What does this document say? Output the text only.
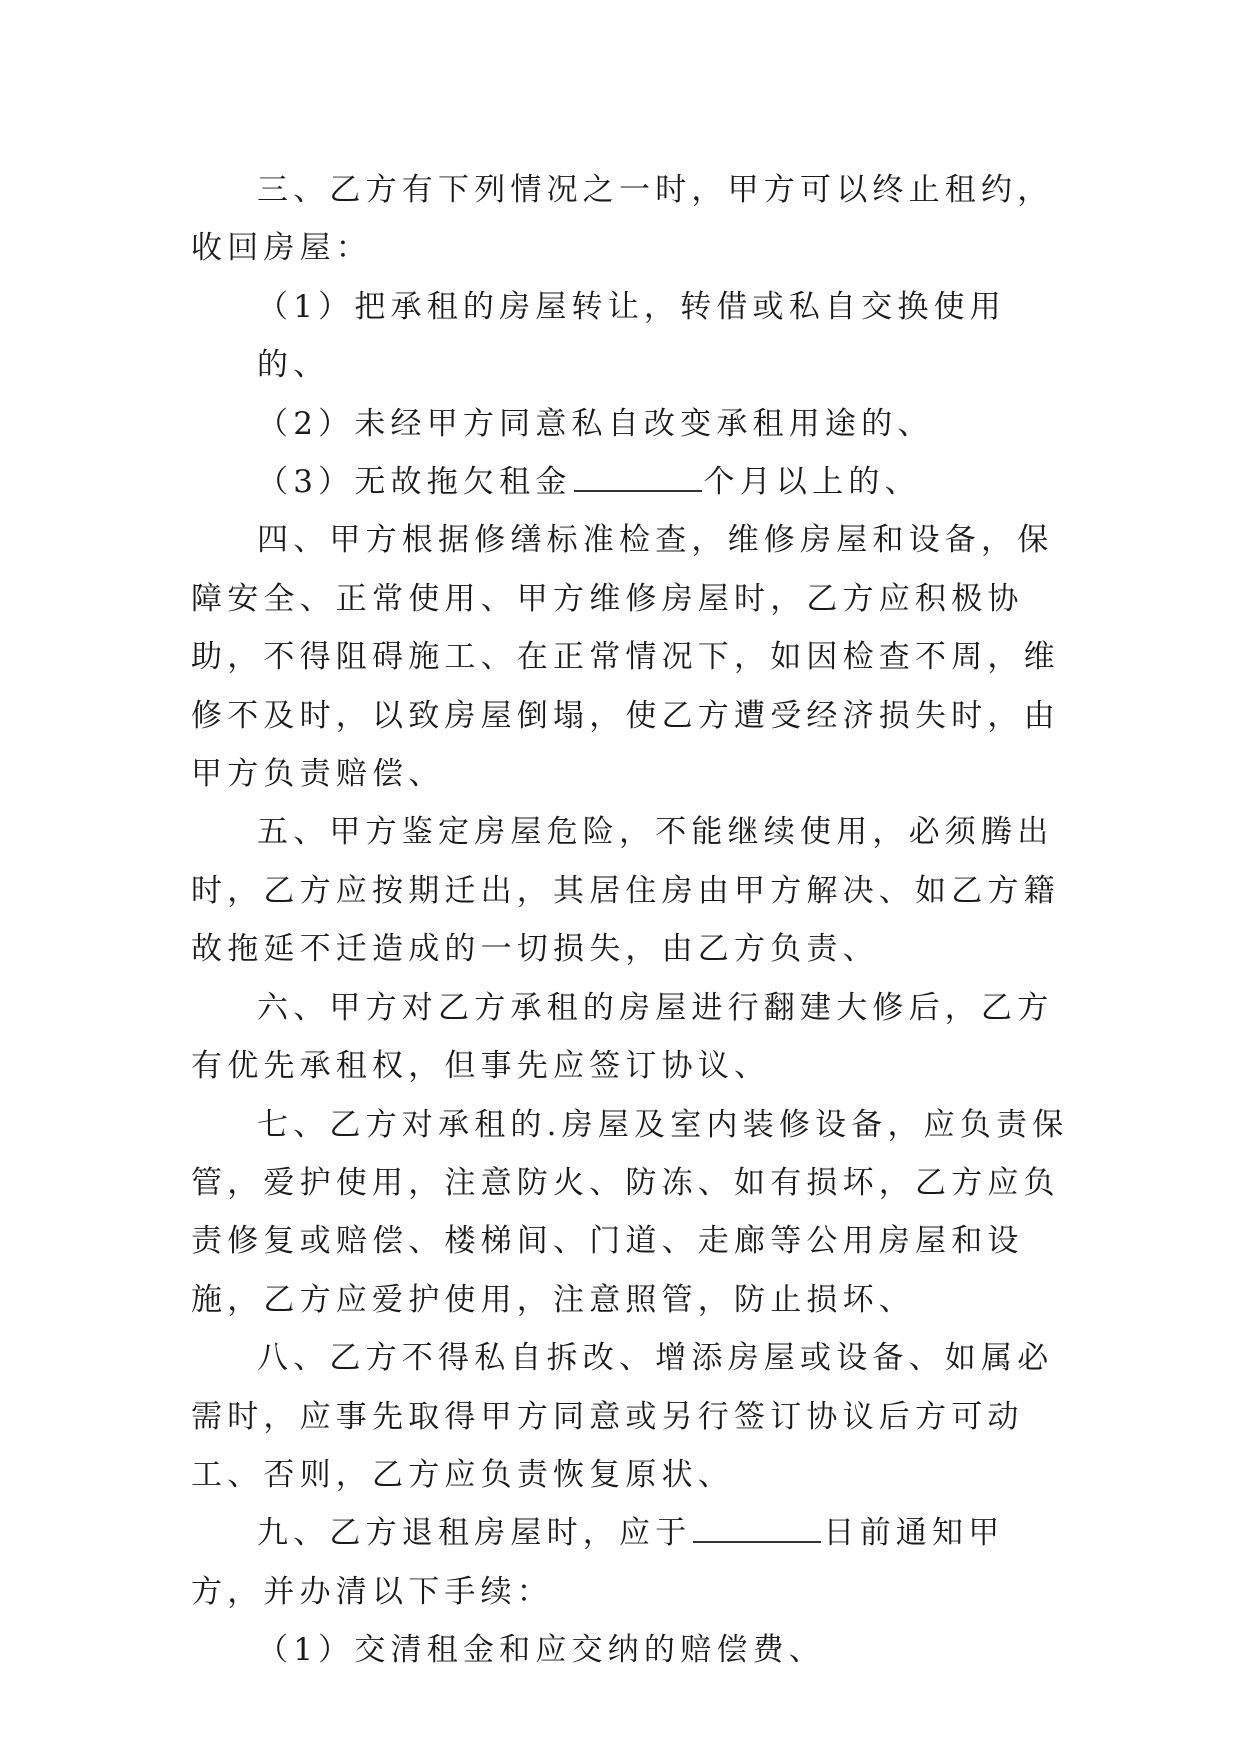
三、乙方有下列情况之一时，甲方可以终止租约，收回房屋：

（1）把承租的房屋转让，转借或私自交换使用的、

（2）未经甲方同意私自改变承租用途的、

（3）无故拖欠租金	个月以上的、

四、甲方根据修缮标准检查，维修房屋和设备，保障安全、正常使用、甲方维修房屋时，乙方应积极协助，不得阻碍施工、在正常情况下，如因检查不周，维修不及时，以致房屋倒塌，使乙方遭受经济损失时，由甲方负责赔偿、

五、甲方鉴定房屋危险，不能继续使用，必须腾出时，乙方应按期迁出，其居住房由甲方解决、如乙方籍故拖延不迁造成的一切损失，由乙方负责、

六、甲方对乙方承租的房屋进行翻建大修后，乙方有优先承租权，但事先应签订协议、

七、乙方对承租的.房屋及室内装修设备，应负责保管，爱护使用，注意防火、防冻、如有损坏，乙方应负责修复或赔偿、楼梯间、门道、走廊等公用房屋和设施，乙方应爱护使用，注意照管，防止损坏、

八、乙方不得私自拆改、增添房屋或设备、如属必需时，应事先取得甲方同意或另行签订协议后方可动工、否则，乙方应负责恢复原状、

九、乙方退租房屋时，应于	日前通知甲方，并办清以下手续：

（1）交清租金和应交纳的赔偿费、
